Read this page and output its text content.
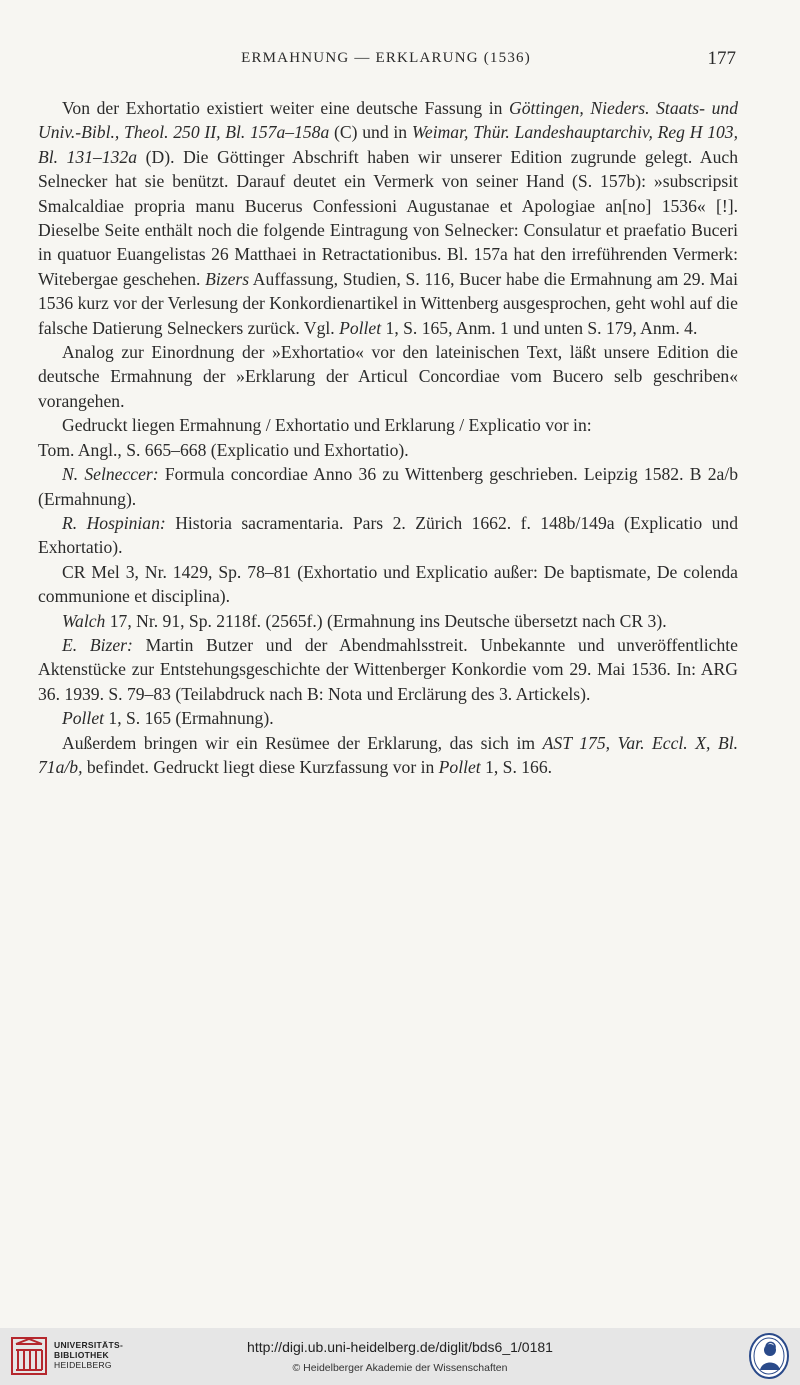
ERMAHNUNG — ERKLARUNG (1536)	177

Von der Exhortatio existiert weiter eine deutsche Fassung in Göttingen, Nieders. Staats- und Univ.-Bibl., Theol. 250 II, Bl. 157a–158a (C) und in Weimar, Thür. Landeshauptarchiv, Reg H 103, Bl. 131–132a (D). Die Göttinger Abschrift haben wir unserer Edition zugrunde gelegt. Auch Selnecker hat sie benützt. Darauf deutet ein Vermerk von seiner Hand (S. 157b): »subscripsit Smalcaldiae propria manu Bucerus Confessioni Augustanae et Apologiae an[no] 1536« [!]. Dieselbe Seite enthält noch die folgende Eintragung von Selnecker: Consulatur et praefatio Buceri in quatuor Euangelistas 26 Matthaei in Retractationibus. Bl. 157a hat den irreführenden Vermerk: Witebergae geschehen. Bizers Auffassung, Studien, S. 116, Bucer habe die Ermahnung am 29. Mai 1536 kurz vor der Verlesung der Konkordienartikel in Wittenberg ausgesprochen, geht wohl auf die falsche Datierung Selneckers zurück. Vgl. Pollet 1, S. 165, Anm. 1 und unten S. 179, Anm. 4.

Analog zur Einordnung der »Exhortatio« vor den lateinischen Text, läßt unsere Edition die deutsche Ermahnung der »Erklarung der Articul Concordiae vom Bucero selb geschriben« vorangehen.

Gedruckt liegen Ermahnung / Exhortatio und Erklarung / Explicatio vor in:

Tom. Angl., S. 665–668 (Explicatio und Exhortatio).

N. Selneccer: Formula concordiae Anno 36 zu Wittenberg geschrieben. Leipzig 1582. B 2a/b (Ermahnung).

R. Hospinian: Historia sacramentaria. Pars 2. Zürich 1662. f. 148b/149a (Explicatio und Exhortatio).

CR Mel 3, Nr. 1429, Sp. 78–81 (Exhortatio und Explicatio außer: De baptismate, De colenda communione et disciplina).

Walch 17, Nr. 91, Sp. 2118f. (2565f.) (Ermahnung ins Deutsche übersetzt nach CR 3).

E. Bizer: Martin Butzer und der Abendmahlsstreit. Unbekannte und unveröffentlichte Aktenstücke zur Entstehungsgeschichte der Wittenberger Konkordie vom 29. Mai 1536. In: ARG 36. 1939. S. 79–83 (Teilabdruck nach B: Nota und Erclärung des 3. Artickels).

Pollet 1, S. 165 (Ermahnung).

Außerdem bringen wir ein Resümee der Erklarung, das sich im AST 175, Var. Eccl. X, Bl. 71a/b, befindet. Gedruckt liegt diese Kurzfassung vor in Pollet 1, S. 166.

UNIVERSITÄTS-
BIBLIOTHEK
HEIDELBERG
http://digi.ub.uni-heidelberg.de/diglit/bds6_1/0181
© Heidelberger Akademie der Wissenschaften
